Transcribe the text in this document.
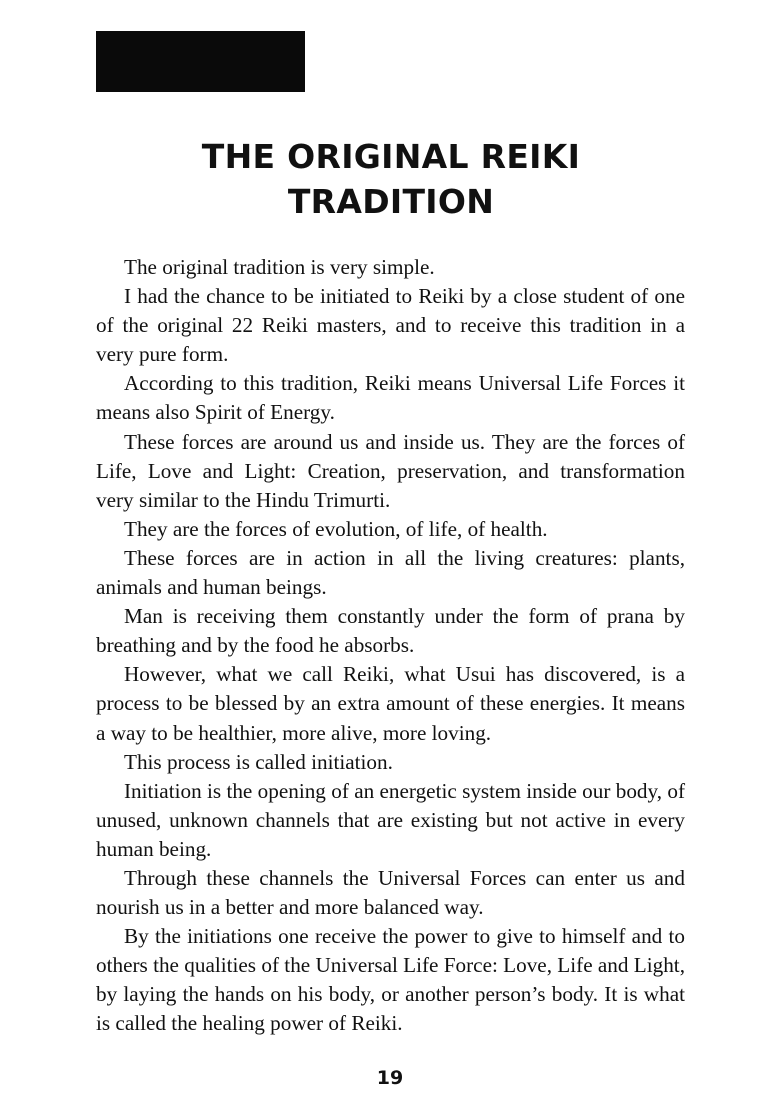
THE ORIGINAL REIKI
TRADITION

The original tradition is very simple.

I had the chance to be initiated to Reiki by a close student of one of the original 22 Reiki masters, and to receive this tradition in a very pure form.

According to this tradition, Reiki means Universal Life Forces it means also Spirit of Energy.

These forces are around us and inside us. They are the forces of Life, Love and Light: Creation, preservation, and transformation very similar to the Hindu Trimurti.

They are the forces of evolution, of life, of health.

These forces are in action in all the living creatures: plants, animals and human beings.

Man is receiving them constantly under the form of prana by breathing and by the food he absorbs.

However, what we call Reiki, what Usui has discovered, is a process to be blessed by an extra amount of these energies. It means a way to be healthier, more alive, more loving.

This process is called initiation.

Initiation is the opening of an energetic system inside our body, of unused, unknown channels that are existing but not active in every human being.

Through these channels the Universal Forces can enter us and nourish us in a better and more balanced way.

By the initiations one receive the power to give to himself and to others the qualities of the Universal Life Force: Love, Life and Light, by laying the hands on his body, or another person’s body. It is what is called the healing power of Reiki.

19
